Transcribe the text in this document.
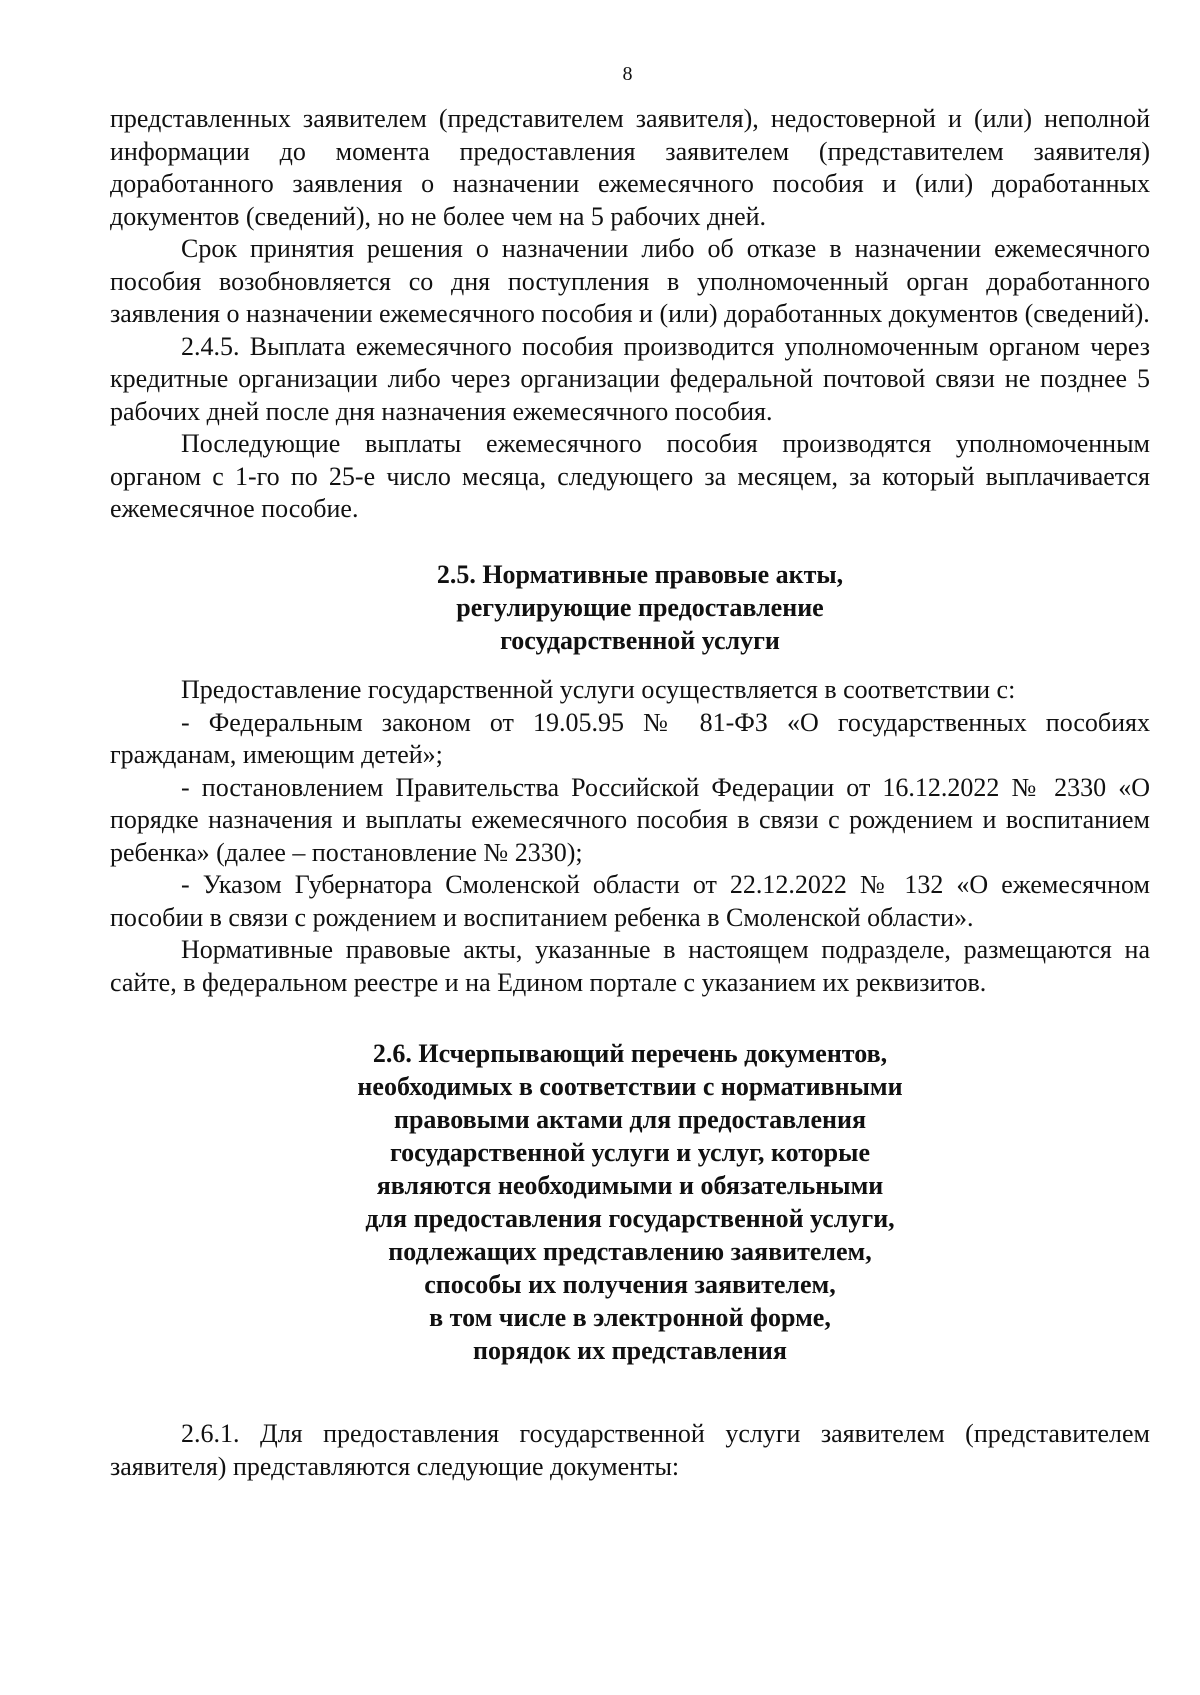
8

представленных заявителем (представителем заявителя), недостоверной и (или) неполной информации до момента предоставления заявителем (представителем заявителя) доработанного заявления о назначении ежемесячного пособия и (или) доработанных документов (сведений), но не более чем на 5 рабочих дней.

Срок принятия решения о назначении либо об отказе в назначении ежемесячного пособия возобновляется со дня поступления в уполномоченный орган доработанного заявления о назначении ежемесячного пособия и (или) доработанных документов (сведений).

2.4.5. Выплата ежемесячного пособия производится уполномоченным органом через кредитные организации либо через организации федеральной почтовой связи не позднее 5 рабочих дней после дня назначения ежемесячного пособия.

Последующие выплаты ежемесячного пособия производятся уполномоченным органом с 1-го по 25-е число месяца, следующего за месяцем, за который выплачивается ежемесячное пособие.

2.5. Нормативные правовые акты,
регулирующие предоставление
государственной услуги

Предоставление государственной услуги осуществляется в соответствии с:

- Федеральным законом от 19.05.95 № 81-ФЗ «О государственных пособиях гражданам, имеющим детей»;

- постановлением Правительства Российской Федерации от 16.12.2022 № 2330 «О порядке назначения и выплаты ежемесячного пособия в связи с рождением и воспитанием ребенка» (далее – постановление № 2330);

- Указом Губернатора Смоленской области от 22.12.2022 № 132 «О ежемесячном пособии в связи с рождением и воспитанием ребенка в Смоленской области».

Нормативные правовые акты, указанные в настоящем подразделе, размещаются на сайте, в федеральном реестре и на Едином портале с указанием их реквизитов.

2.6. Исчерпывающий перечень документов,
необходимых в соответствии с нормативными
правовыми актами для предоставления
государственной услуги и услуг, которые
являются необходимыми и обязательными
для предоставления государственной услуги,
подлежащих представлению заявителем,
способы их получения заявителем,
в том числе в электронной форме,
порядок их представления

2.6.1. Для предоставления государственной услуги заявителем (представителем заявителя) представляются следующие документы:
